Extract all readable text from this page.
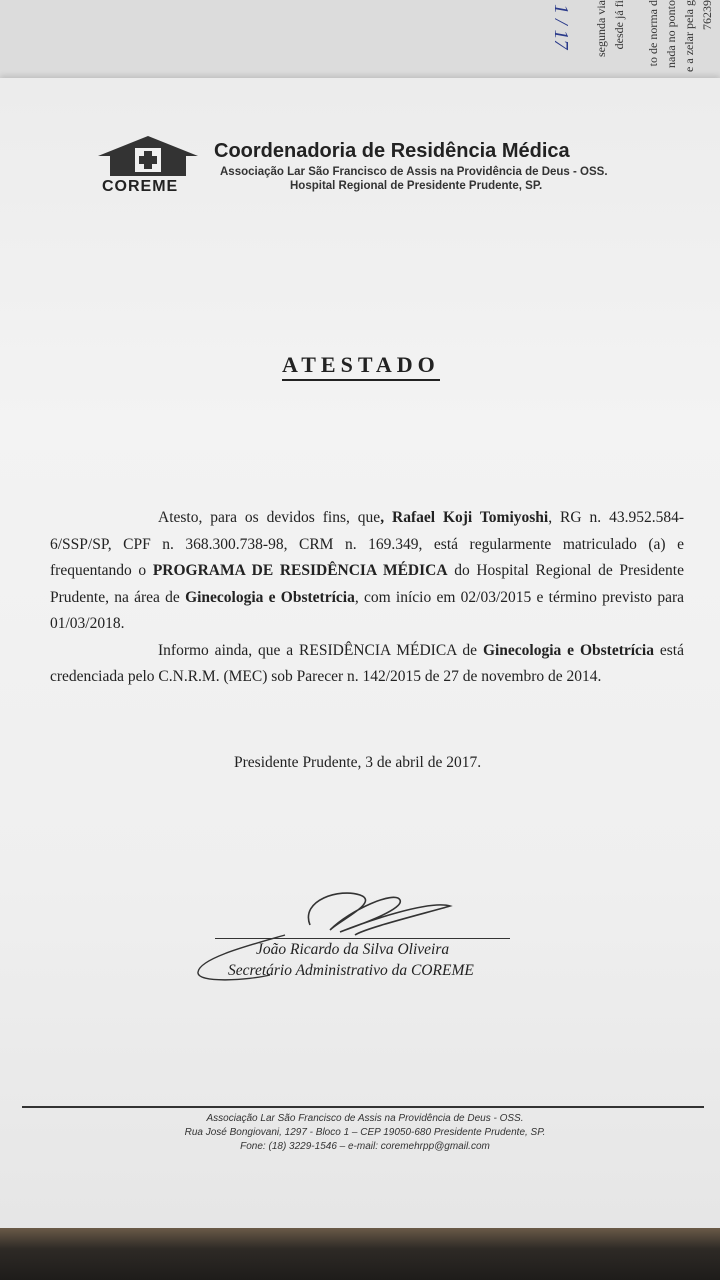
76239
e a zelar pela g
nada no ponto
to de norma d
desde já fi
segunda via
1 / 17
COREME
Coordenadoria de Residência Médica
Associação Lar São Francisco de Assis na Providência de Deus - OSS.
Hospital Regional de Presidente Prudente, SP.
ATESTADO

Atesto, para os devidos fins, que, Rafael Koji Tomiyoshi, RG n. 43.952.584-6/SSP/SP, CPF n. 368.300.738-98, CRM n. 169.349, está regularmente matriculado (a) e frequentando o PROGRAMA DE RESIDÊNCIA MÉDICA do Hospital Regional de Presidente Prudente, na área de Ginecologia e Obstetrícia, com início em 02/03/2015 e término previsto para 01/03/2018.

Informo ainda, que a RESIDÊNCIA MÉDICA de Ginecologia e Obstetrícia está credenciada pelo C.N.R.M. (MEC) sob Parecer n. 142/2015 de 27 de novembro de 2014.

Presidente Prudente, 3 de abril de 2017.
João Ricardo da Silva Oliveira
Secretário Administrativo da COREME
Associação Lar São Francisco de Assis na Providência de Deus - OSS.
Rua José Bongiovani, 1297 - Bloco 1 – CEP 19050-680 Presidente Prudente, SP.
Fone: (18) 3229-1546 – e-mail: coremehrpp@gmail.com
